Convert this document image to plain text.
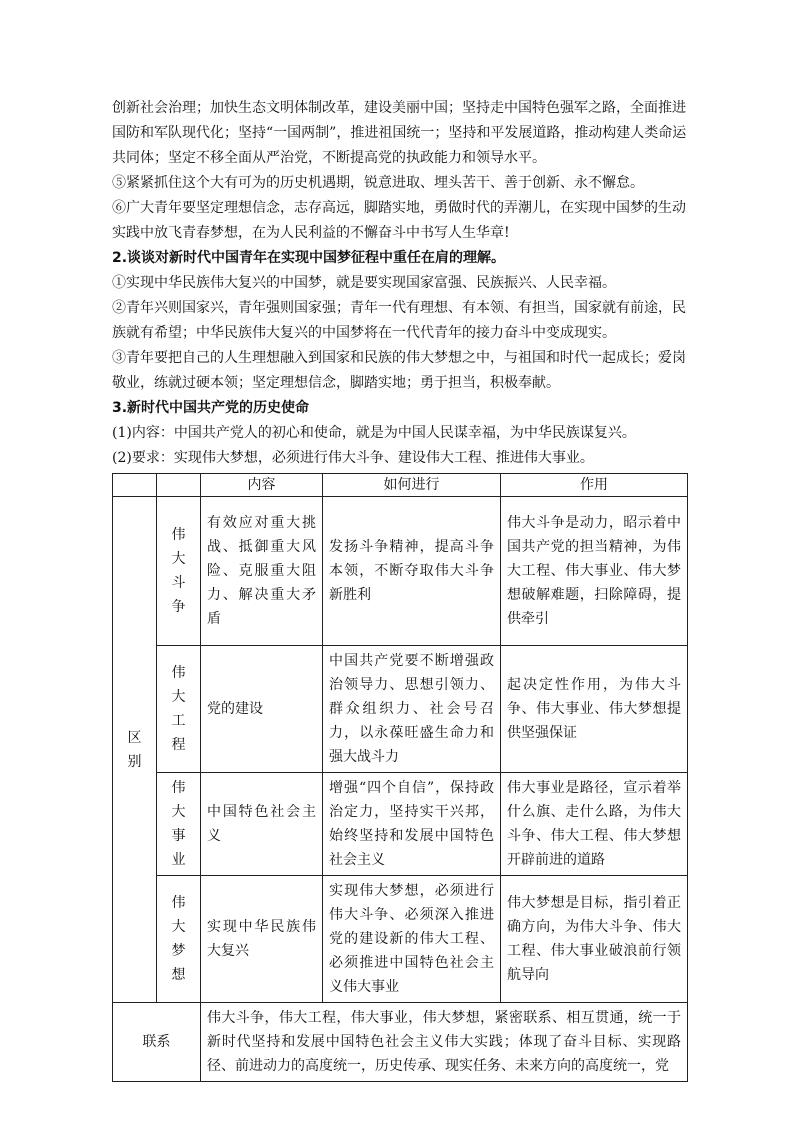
创新社会治理；加快生态文明体制改革，建设美丽中国；坚持走中国特色强军之路，全面推进国防和军队现代化；坚持“一国两制”，推进祖国统一；坚持和平发展道路，推动构建人类命运共同体；坚定不移全面从严治党，不断提高党的执政能力和领导水平。

⑤紧紧抓住这个大有可为的历史机遇期，锐意进取、埋头苦干、善于创新、永不懈怠。

⑥广大青年要坚定理想信念，志存高远，脚踏实地，勇做时代的弄潮儿，在实现中国梦的生动实践中放飞青春梦想，在为人民利益的不懈奋斗中书写人生华章!

2.谈谈对新时代中国青年在实现中国梦征程中重任在肩的理解。

①实现中华民族伟大复兴的中国梦，就是要实现国家富强、民族振兴、人民幸福。

②青年兴则国家兴，青年强则国家强；青年一代有理想、有本领、有担当，国家就有前途，民族就有希望；中华民族伟大复兴的中国梦将在一代代青年的接力奋斗中变成现实。

③青年要把自己的人生理想融入到国家和民族的伟大梦想之中，与祖国和时代一起成长；爱岗敬业，练就过硬本领；坚定理想信念，脚踏实地；勇于担当，积极奉献。

3.新时代中国共产党的历史使命

(1)内容：中国共产党人的初心和使命，就是为中国人民谋幸福，为中华民族谋复兴。

(2)要求：实现伟大梦想，必须进行伟大斗争、建设伟大工程、推进伟大事业。

		内容	如何进行	作用
区别	伟大斗争	有效应对重大挑战、抵御重大风险、克服重大阻力、解决重大矛盾	发扬斗争精神，提高斗争本领，不断夺取伟大斗争新胜利	伟大斗争是动力，昭示着中国共产党的担当精神，为伟大工程、伟大事业、伟大梦想破解难题，扫除障碍，提供牵引
	伟大工程	党的建设	中国共产党要不断增强政治领导力、思想引领力、群众组织力、社会号召力，以永葆旺盛生命力和强大战斗力	起决定性作用，为伟大斗争、伟大事业、伟大梦想提供坚强保证
	伟大事业	中国特色社会主义	增强“四个自信”，保持政治定力，坚持实干兴邦，始终坚持和发展中国特色社会主义	伟大事业是路径，宣示着举什么旗、走什么路，为伟大斗争、伟大工程、伟大梦想开辟前进的道路
	伟大梦想	实现中华民族伟大复兴	实现伟大梦想，必须进行伟大斗争、必须深入推进党的建设新的伟大工程、必须推进中国特色社会主义伟大事业	伟大梦想是目标，指引着正确方向，为伟大斗争、伟大工程、伟大事业破浪前行领航导向
联系		伟大斗争，伟大工程，伟大事业，伟大梦想，紧密联系、相互贯通，统一于新时代坚持和发展中国特色社会主义伟大实践；体现了奋斗目标、实现路径、前进动力的高度统一，历史传承、现实任务、未来方向的高度统一，党		
